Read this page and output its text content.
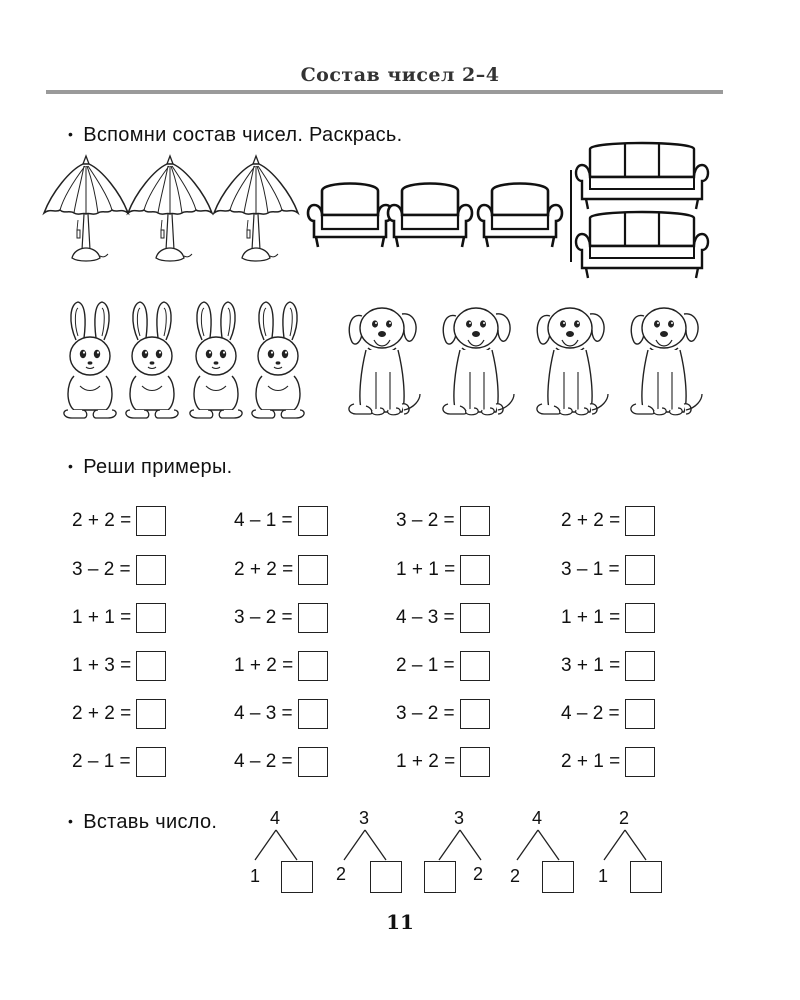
Состав чисел 2–4
• Вспомни состав чисел. Раскрась.
• Реши примеры.
2 + 2 =	4 – 1 =	3 – 2 =	2 + 2 =
3 – 2 =	2 + 2 =	1 + 1 =	3 – 1 =
1 + 1 =	3 – 2 =	4 – 3 =	1 + 1 =
1 + 3 =	1 + 2 =	2 – 1 =	3 + 1 =
2 + 2 =	4 – 3 =	3 – 2 =	4 – 2 =
2 – 1 =	4 – 2 =	1 + 2 =	2 + 1 =
• Вставь число.	4
1
3
2
3
2
4
2
2
1
11
